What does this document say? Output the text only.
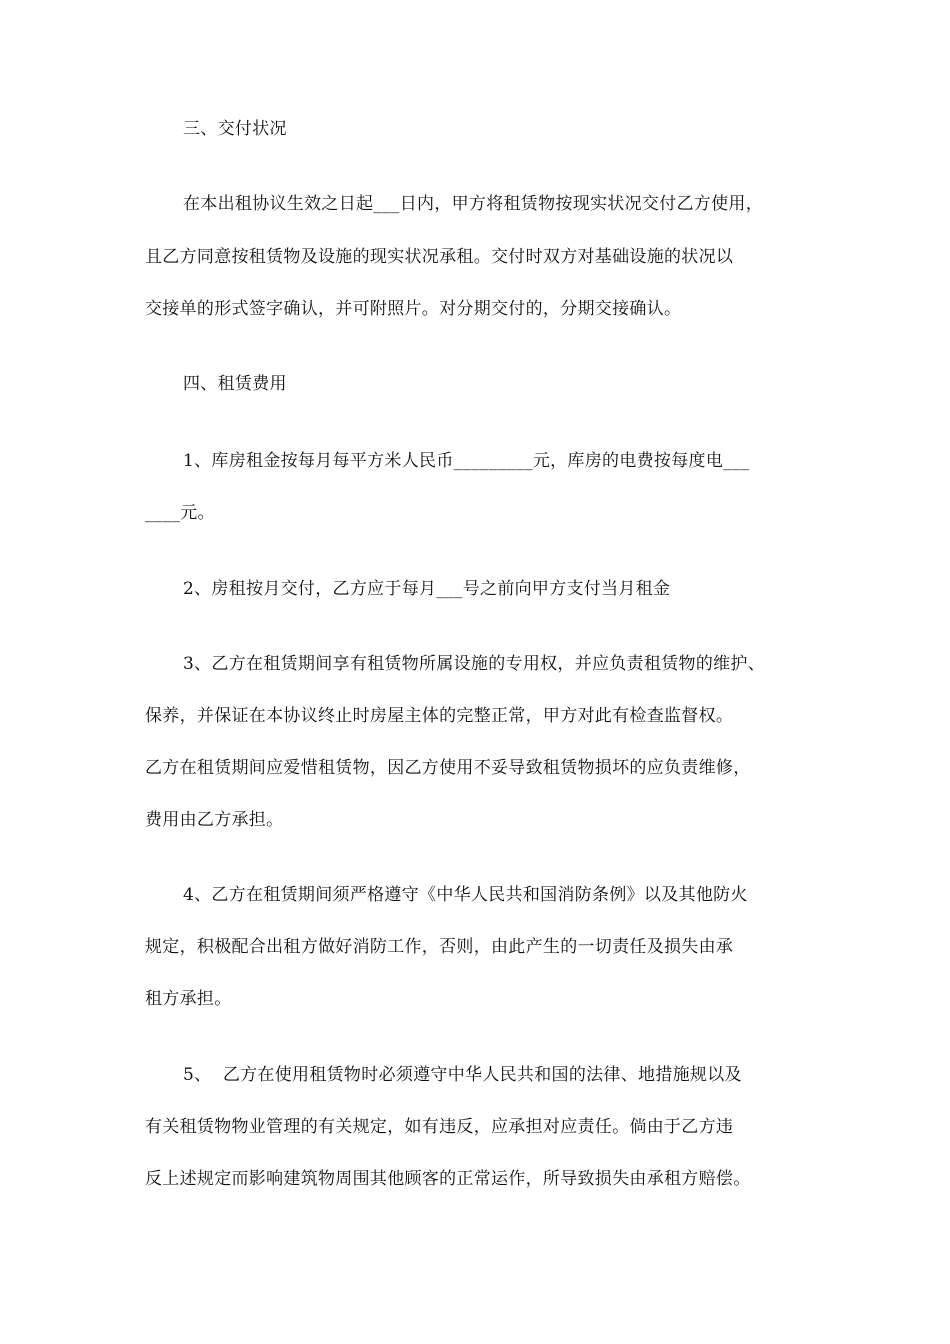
三、交付状况
在本出租协议生效之日起___日内，甲方将租赁物按现实状况交付乙方使用，
且乙方同意按租赁物及设施的现实状况承租。交付时双方对基础设施的状况以
交接单的形式签字确认，并可附照片。对分期交付的，分期交接确认。
四、租赁费用
1、库房租金按每月每平方米人民币_________元，库房的电费按每度电___
____元。
2、房租按月交付，乙方应于每月___号之前向甲方支付当月租金
3、乙方在租赁期间享有租赁物所属设施的专用权，并应负责租赁物的维护、
保养，并保证在本协议终止时房屋主体的完整正常，甲方对此有检查监督权。
乙方在租赁期间应爱惜租赁物，因乙方使用不妥导致租赁物损坏的应负责维修，
费用由乙方承担。
4、乙方在租赁期间须严格遵守《中华人民共和国消防条例》以及其他防火
规定，积极配合出租方做好消防工作，否则，由此产生的一切责任及损失由承
租方承担。
5、  乙方在使用租赁物时必须遵守中华人民共和国的法律、地措施规以及
有关租赁物物业管理的有关规定，如有违反，应承担对应责任。倘由于乙方违
反上述规定而影响建筑物周围其他顾客的正常运作，所导致损失由承租方赔偿。
